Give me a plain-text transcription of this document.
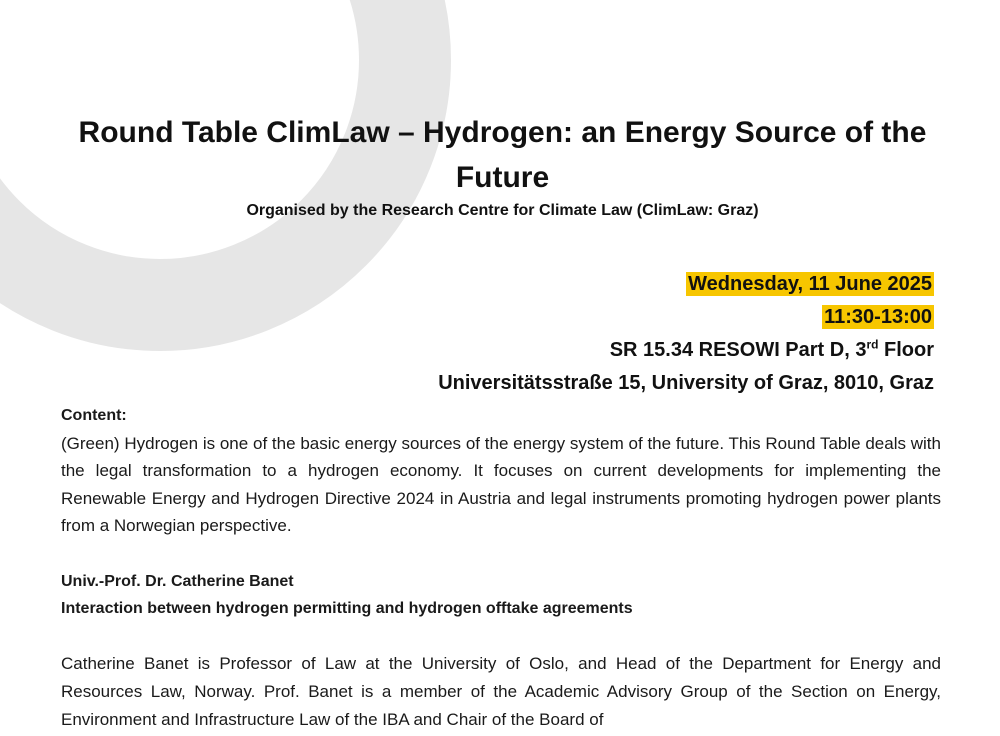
Round Table ClimLaw – Hydrogen: an Energy Source of the Future
Organised by the Research Centre for Climate Law (ClimLaw: Graz)
Wednesday, 11 June 2025
11:30-13:00
SR 15.34 RESOWI Part D, 3rd Floor
Universitätsstraße 15, University of Graz, 8010, Graz
Content:

(Green) Hydrogen is one of the basic energy sources of the energy system of the future. This Round Table deals with the legal transformation to a hydrogen economy. It focuses on current developments for implementing the Renewable Energy and Hydrogen Directive 2024 in Austria and legal instruments promoting hydrogen power plants from a Norwegian perspective.

Univ.-Prof. Dr. Catherine Banet
Interaction between hydrogen permitting and hydrogen offtake agreements

Catherine Banet is Professor of Law at the University of Oslo, and Head of the Department for Energy and Resources Law, Norway. Prof. Banet is a member of the Academic Advisory Group of the Section on Energy, Environment and Infrastructure Law of the IBA and Chair of the Board of
